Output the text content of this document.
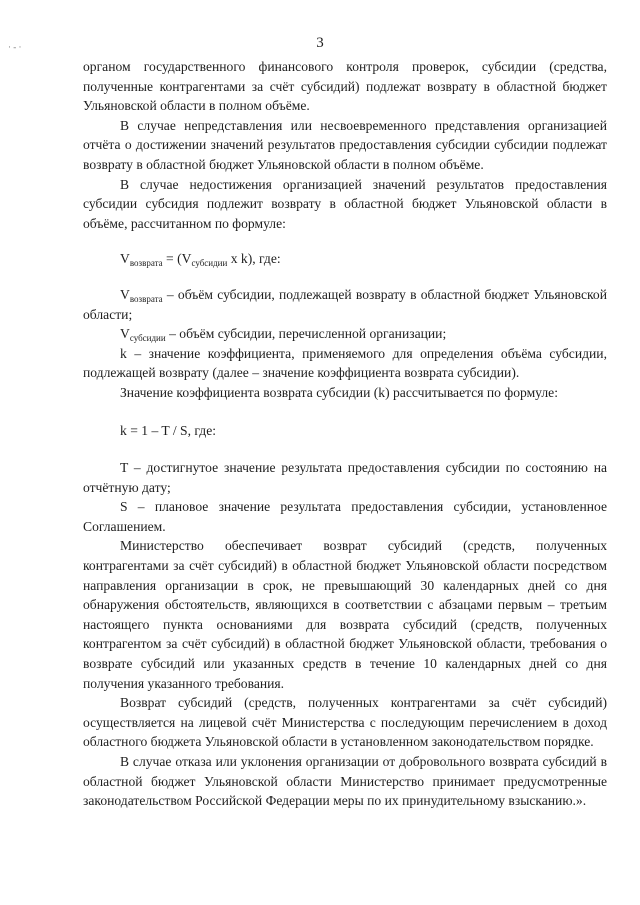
3
· - ·

органом государственного финансового контроля проверок, субсидии (средства, полученные контрагентами за счёт субсидий) подлежат возврату в областной бюджет Ульяновской области в полном объёме.

В случае непредставления или несвоевременного представления организацией отчёта о достижении значений результатов предоставления субсидии субсидии подлежат возврату в областной бюджет Ульяновской области в полном объёме.

В случае недостижения организацией значений результатов предоставления субсидии субсидия подлежит возврату в областной бюджет Ульяновской области в объёме, рассчитанном по формуле:

$V_{возврата} = (V_{субсидии}$ х k), где:

$V_{возврата}$ – объём субсидии, подлежащей возврату в областной бюджет Ульяновской области;

$V_{субсидии}$ – объём субсидии, перечисленной организации;

k – значение коэффициента, применяемого для определения объёма субсидии, подлежащей возврату (далее – значение коэффициента возврата субсидии).

Значение коэффициента возврата субсидии (k) рассчитывается по формуле:

k = 1 – T / S, где:

T – достигнутое значение результата предоставления субсидии по состоянию на отчётную дату;

S – плановое значение результата предоставления субсидии, установленное Соглашением.

Министерство обеспечивает возврат субсидий (средств, полученных контрагентами за счёт субсидий) в областной бюджет Ульяновской области посредством направления организации в срок, не превышающий 30 календарных дней со дня обнаружения обстоятельств, являющихся в соответствии с абзацами первым – третьим настоящего пункта основаниями для возврата субсидий (средств, полученных контрагентом за счёт субсидий) в областной бюджет Ульяновской области, требования о возврате субсидий или указанных средств в течение 10 календарных дней со дня получения указанного требования.

Возврат субсидий (средств, полученных контрагентами за счёт субсидий) осуществляется на лицевой счёт Министерства с последующим перечислением в доход областного бюджета Ульяновской области в установленном законодательством порядке.

В случае отказа или уклонения организации от добровольного возврата субсидий в областной бюджет Ульяновской области Министерство принимает предусмотренные законодательством Российской Федерации меры по их принудительному взысканию.».
